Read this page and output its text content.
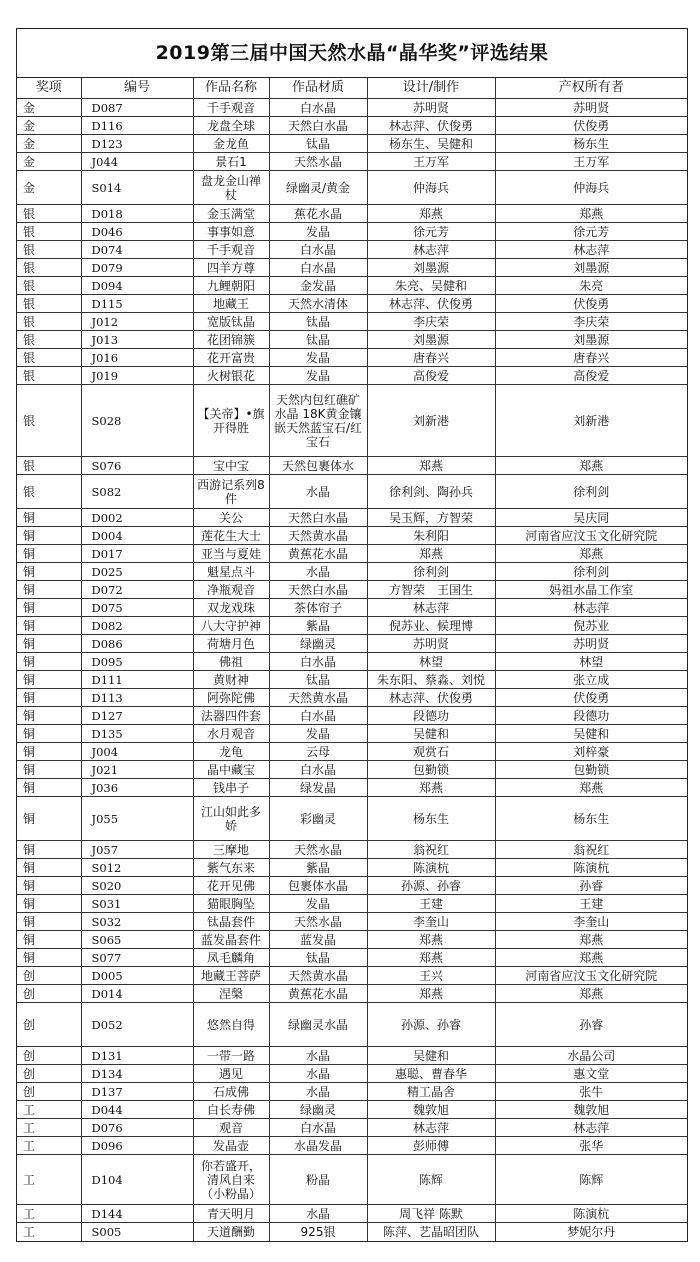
2019第三届中国天然水晶“晶华奖”评选结果
奖项	编号	作品名称	作品材质	设计/制作	产权所有者
金	D087	千手观音	白水晶	苏明贤	苏明贤
金	D116	龙盘全球	天然白水晶	林志萍、伏俊勇	伏俊勇
金	D123	金龙鱼	钛晶	杨东生、吴健和	杨东生
金	J044	景石1	天然水晶	王万军	王万军
金	S014	盘龙金山禅杖	绿幽灵/黄金	仲海兵	仲海兵
银	D018	金玉满堂	蕉花水晶	郑燕	郑燕
银	D046	事事如意	发晶	徐元芳	徐元芳
银	D074	千手观音	白水晶	林志萍	林志萍
银	D079	四羊方尊	白水晶	刘墨源	刘墨源
银	D094	九鲤朝阳	金发晶	朱亮、吴健和	朱亮
银	D115	地藏王	天然水清体	林志萍、伏俊勇	伏俊勇
银	J012	宽版钛晶	钛晶	李庆荣	李庆荣
银	J013	花团锦簇	钛晶	刘墨源	刘墨源
银	J016	花开富贵	发晶	唐春兴	唐春兴
银	J019	火树银花	发晶	高俊爱	高俊爱
银	S028	【关帝】•旗开得胜	天然内包红礁矿水晶 18K黄金镶嵌天然蓝宝石/红宝石	刘新港	刘新港
银	S076	宝中宝	天然包裹体水	郑燕	郑燕
银	S082	西游记系列8件	水晶	徐利剑、陶孙兵	徐利剑
铜	D002	关公	天然白水晶	吴玉辉，方智荣	吴庆同
铜	D004	莲花生大士	天然黄水晶	朱利阳	河南省应汶玉文化研究院
铜	D017	亚当与夏娃	黄蕉花水晶	郑燕	郑燕
铜	D025	魁星点斗	水晶	徐利剑	徐利剑
铜	D072	净瓶观音	天然白水晶	方智荣　王国生	妈祖水晶工作室
铜	D075	双龙戏珠	茶体帘子	林志萍	林志萍
铜	D082	八大守护神	紫晶	倪苏业、候理博	倪苏业
铜	D086	荷塘月色	绿幽灵	苏明贤	苏明贤
铜	D095	佛祖	白水晶	林望	林望
铜	D111	黄财神	钛晶	朱东阳、蔡淼、刘悦	张立成
铜	D113	阿弥陀佛	天然黄水晶	林志萍、伏俊勇	伏俊勇
铜	D127	法器四件套	白水晶	段德功	段德功
铜	D135	水月观音	发晶	吴健和	吴健和
铜	J004	龙龟	云母	观赏石	刘梓豪
铜	J021	晶中藏宝	白水晶	包勤锁	包勤锁
铜	J036	钱串子	绿发晶	郑燕	郑燕
铜	J055	江山如此多娇	彩幽灵	杨东生	杨东生
铜	J057	三摩地	天然水晶	翁祝红	翁祝红
铜	S012	紫气东来	紫晶	陈演杭	陈演杭
铜	S020	花开见佛	包裹体水晶	孙源、孙睿	孙睿
铜	S031	猫眼胸坠	发晶	王建	王建
铜	S032	钛晶套件	天然水晶	李奎山	李奎山
铜	S065	蓝发晶套件	蓝发晶	郑燕	郑燕
铜	S077	凤毛麟角	钛晶	郑燕	郑燕
创	D005	地藏王菩萨	天然黄水晶	王兴	河南省应汶玉文化研究院
创	D014	涅槃	黄蕉花水晶	郑燕	郑燕
创	D052	悠然自得	绿幽灵水晶	孙源、孙睿	孙睿
创	D131	一带一路	水晶	吴健和	水晶公司
创	D134	遇见	水晶	惠聪、曹春华	惠文堂
创	D137	石成佛	水晶	精工晶舍	张牛
工	D044	白长寿佛	绿幽灵	魏敦旭	魏敦旭
工	D076	观音	白水晶	林志萍	林志萍
工	D096	发晶壶	水晶发晶	彭师傅	张华
工	D104	你若盛开，清风自来（小粉晶）	粉晶	陈辉	陈辉
工	D144	青天明月	水晶	周飞祥 陈默	陈演杭
工	S005	天道酬勤	925银	陈萍、艺晶昭团队	梦妮尔丹
